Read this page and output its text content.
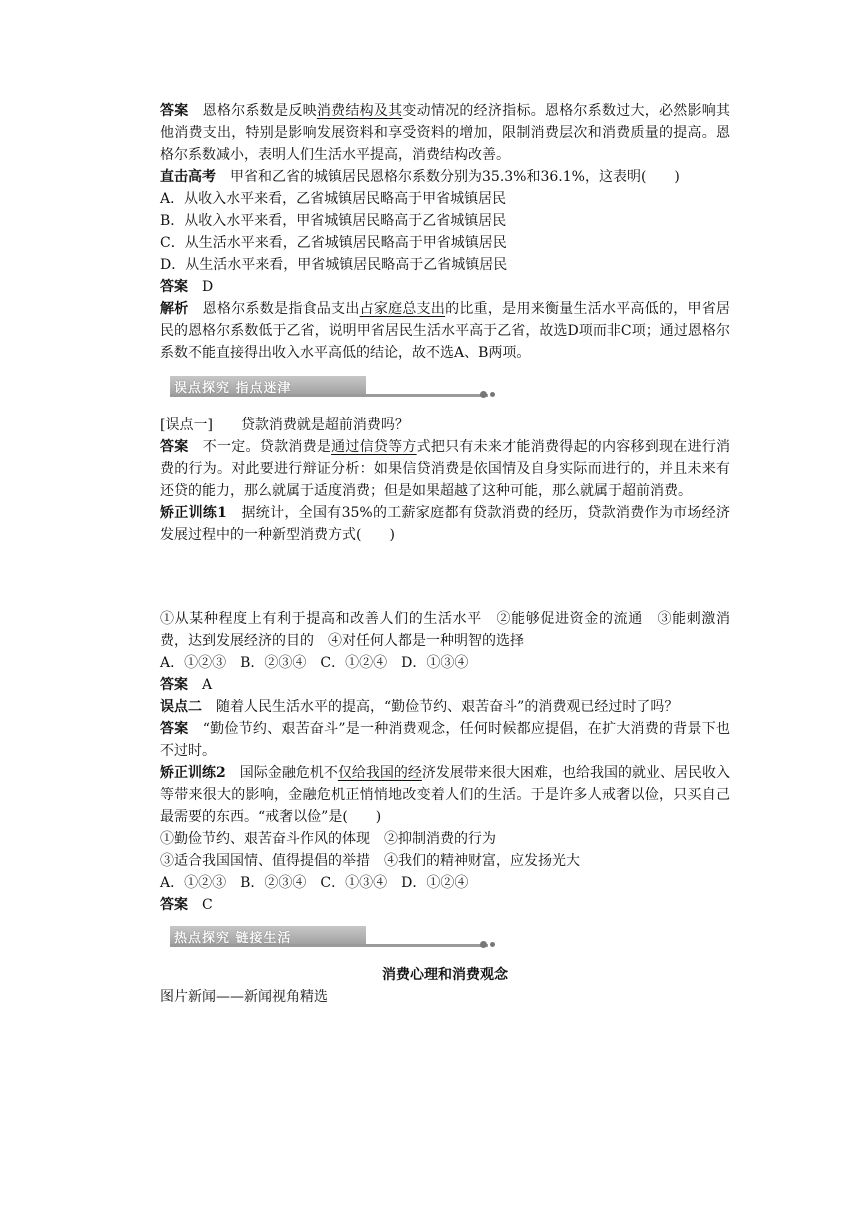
答案　 恩格尔系数是反映消费结构及其变动情况的经济指标。恩格尔系数过大，必然影响其他消费支出，特别是影响发展资料和享受资料的增加，限制消费层次和消费质量的提高。恩格尔系数减小，表明人们生活水平提高，消费结构改善。

直击高考　 甲省和乙省的城镇居民恩格尔系数分别为35.3%和36.1%，这表明(　　)

A．从收入水平来看，乙省城镇居民略高于甲省城镇居民

B．从收入水平来看，甲省城镇居民略高于乙省城镇居民

C．从生活水平来看，乙省城镇居民略高于甲省城镇居民

D．从生活水平来看，甲省城镇居民略高于乙省城镇居民

答案　 D

解析　 恩格尔系数是指食品支出占家庭总支出的比重，是用来衡量生活水平高低的，甲省居民的恩格尔系数低于乙省，说明甲省居民生活水平高于乙省，故选D项而非C项；通过恩格尔系数不能直接得出收入水平高低的结论，故不选A、B两项。

误点探究 指点迷津

[误点一]　　 贷款消费就是超前消费吗？

答案　 不一定。贷款消费是通过信贷等方式把只有未来才能消费得起的内容移到现在进行消费的行为。对此要进行辩证分析：如果信贷消费是依国情及自身实际而进行的，并且未来有还贷的能力，那么就属于适度消费；但是如果超越了这种可能，那么就属于超前消费。

矫正训练1　 据统计，全国有35%的工薪家庭都有贷款消费的经历，贷款消费作为市场经济发展过程中的一种新型消费方式(　　)

①从某种程度上有利于提高和改善人们的生活水平　②能够促进资金的流通　③能刺激消费，达到发展经济的目的　④对任何人都是一种明智的选择

A．①②③　B．②③④　C．①②④　D．①③④

答案　 A

误点二　 随着人民生活水平的提高，“勤俭节约、艰苦奋斗”的消费观已经过时了吗？

答案　 “勤俭节约、艰苦奋斗”是一种消费观念，任何时候都应提倡，在扩大消费的背景下也不过时。

矫正训练2　 国际金融危机不仅给我国的经济发展带来很大困难，也给我国的就业、居民收入等带来很大的影响，金融危机正悄悄地改变着人们的生活。于是许多人戒奢以俭，只买自己最需要的东西。“戒奢以俭”是(　　)

①勤俭节约、艰苦奋斗作风的体现　②抑制消费的行为

③适合我国国情、值得提倡的举措　④我们的精神财富，应发扬光大

A．①②③　B．②③④　C．①③④　D．①②④

答案　 C

热点探究 链接生活

消费心理和消费观念

图片新闻——新闻视角精选
